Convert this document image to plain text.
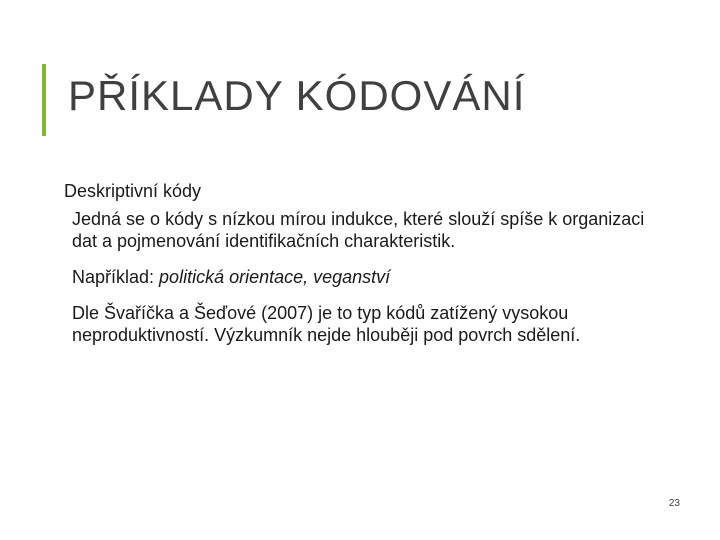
PŘÍKLADY KÓDOVÁNÍ

Deskriptivní kódy

Jedná se o kódy s nízkou mírou indukce, které slouží spíše k organizaci dat a pojmenování identifikačních charakteristik.

Například: politická orientace, veganství

Dle Švaříčka a Šeďové (2007) je to typ kódů zatížený vysokou neproduktivností. Výzkumník nejde hlouběji pod povrch sdělení.

23
